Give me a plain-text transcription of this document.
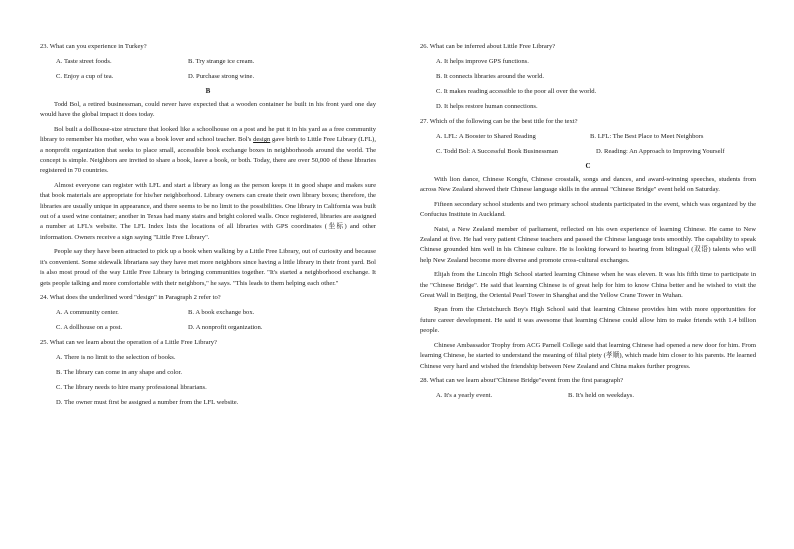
23. What can you experience in Turkey?
A. Taste street foods.	B. Try strange ice cream.
C. Enjoy a cup of tea.	D. Purchase strong wine.
B

Todd Bol, a retired businessman, could never have expected that a wooden container he built in his front yard one day would have the global impact it does today.

Bol built a dollhouse-size structure that looked like a schoolhouse on a post and he put it in his yard as a free community library to remember his mother, who was a book lover and school teacher. Bol's design gave birth to Little Free Library (LFL), a nonprofit organization that seeks to place small, accessible book exchange boxes in neighborhoods around the world. The concept is simple. Neighbors are invited to share a book, leave a book, or both. Today, there are over 50,000 of these libraries registered in 70 countries.

Almost everyone can register with LFL and start a library as long as the person keeps it in good shape and makes sure that book materials are appropriate for his/her neighborhood. Library owners can create their own library boxes; therefore, the libraries are usually unique in appearance, and there seems to be no limit to the possibilities. One library in California was built out of a used wine container; another in Texas had many stairs and bright colored walls. Once registered, libraries are assigned a number at LFL's website. The LFL Index lists the locations of all libraries with GPS coordinates (坐标) and other information. Owners receive a sign saying "Little Free Library".

People say they have been attracted to pick up a book when walking by a Little Free Library, out of curiosity and because it's convenient. Some sidewalk librarians say they have met more neighbors since having a little library in their front yard. Bol is also most proud of the way Little Free Library is bringing communities together. "It's started a neighborhood exchange. It gets people talking and more comfortable with their neighbors," he says. "This leads to them helping each other."

24. What does the underlined word "design" in Paragraph 2 refer to?
A. A community center.	B. A book exchange box.
C. A dollhouse on a post.	D. A nonprofit organization.
25. What can we learn about the operation of a Little Free Library?
A. There is no limit to the selection of books.
B. The library can come in any shape and color.
C. The library needs to hire many professional librarians.
D. The owner must first be assigned a number from the LFL website.
26. What can be inferred about Little Free Library?
A. It helps improve GPS functions.
B. It connects libraries around the world.
C. It makes reading accessible to the poor all over the world.
D. It helps restore human connections.
27. Which of the following can be the best title for the text?
A. LFL: A Booster to Shared Reading	B. LFL: The Best Place to Meet Neighbors
C. Todd Bol: A Successful Book Businessman	D. Reading: An Approach to Improving Yourself
C

With lion dance, Chinese Kongfu, Chinese crosstalk, songs and dances, and award-winning speeches, students from across New Zealand showed their Chinese language skills in the annual "Chinese Bridge" event held on Saturday.

Fifteen secondary school students and two primary school students participated in the event, which was organized by the Confucius Institute in Auckland.

Naisi, a New Zealand member of parliament, reflected on his own experience of learning Chinese. He came to New Zealand at five. He had very patient Chinese teachers and passed the Chinese language tests smoothly. The capability to speak Chinese grounded him well in his Chinese culture. He is looking forward to hearing from bilingual (双语) talents who will help New Zealand become more diverse and promote cross-cultural exchanges.

Elijah from the Lincoln High School started learning Chinese when he was eleven. It was his fifth time to participate in the "Chinese Bridge". He said that learning Chinese is of great help for him to know China better and he wished to visit the Great Wall in Beijing, the Oriental Pearl Tower in Shanghai and the Yellow Crane Tower in Wuhan.

Ryan from the Christchurch Boy's High School said that learning Chinese provides him with more opportunities for future career development. He said it was awesome that learning Chinese could allow him to make friends with 1.4 billion people.

Chinese Ambassador Trophy from ACG Parnell College said that learning Chinese had opened a new door for him. From learning Chinese, he started to understand the meaning of filial piety (孝顺), which made him closer to his parents. He learned Chinese very hard and wished the friendship between New Zealand and China makes further progress.

28. What can we learn about"Chinese Bridge"event from the first paragraph?
A. It's a yearly event.	B. It's held on weekdays.
